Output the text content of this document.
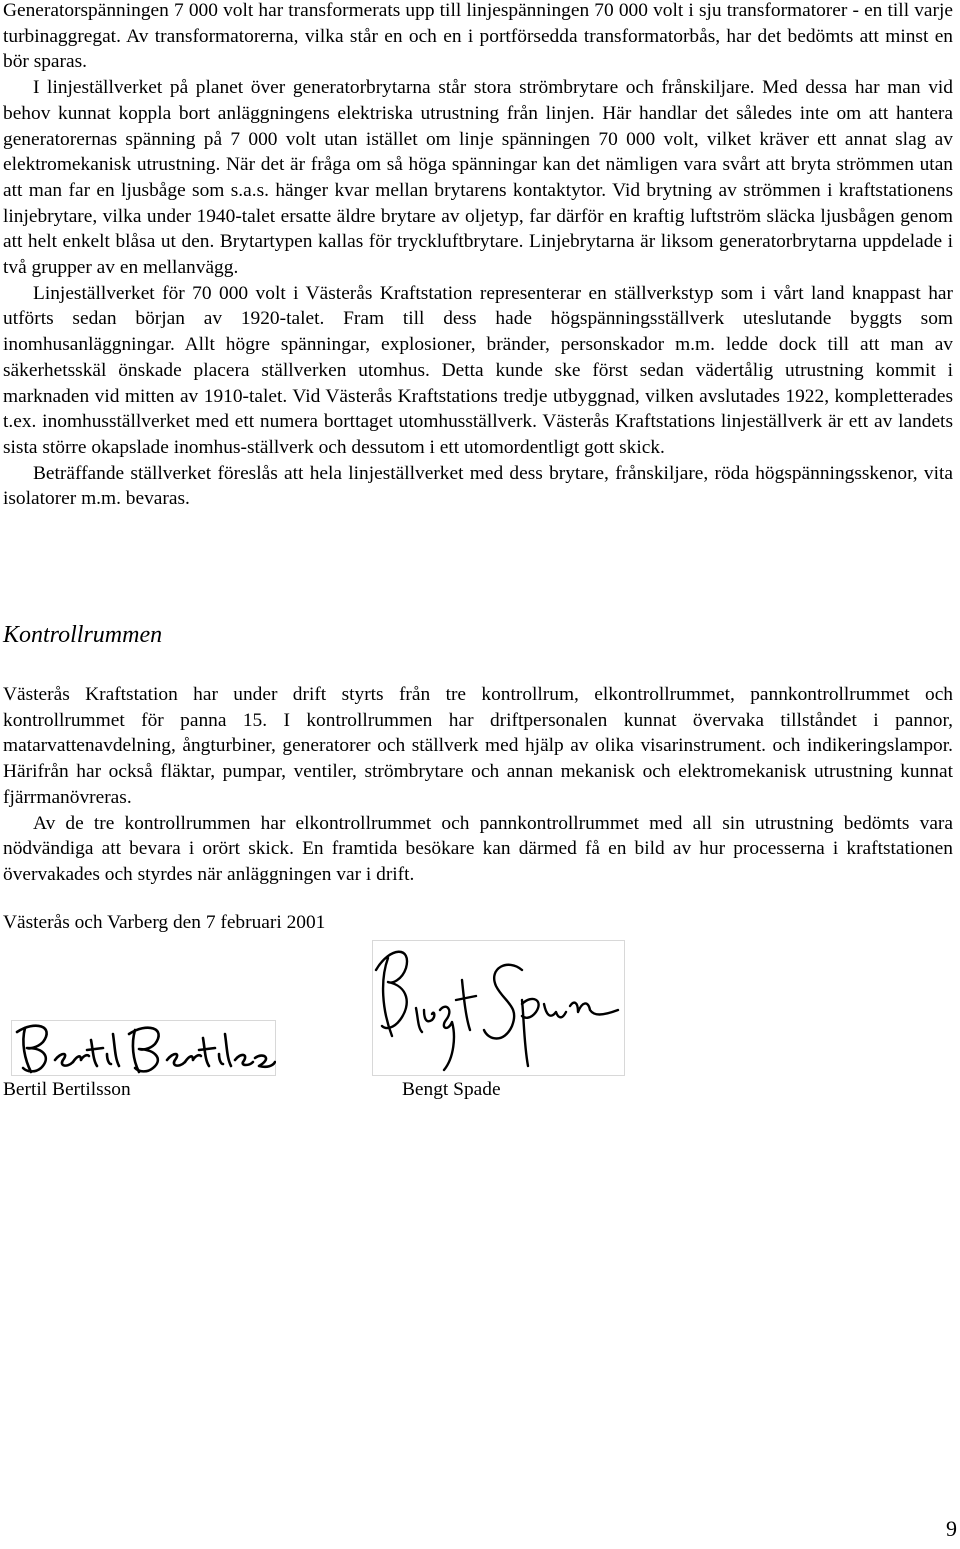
Generatorspänningen 7 000 volt har transformerats upp till linjespänningen 70 000 volt i sju transformatorer - en till varje turbinaggregat. Av transformatorerna, vilka står en och en i portförsedda transformatorbås, har det bedömts att minst en bör sparas.

I linjeställverket på planet över generatorbrytarna står stora strömbrytare och frånskiljare. Med dessa har man vid behov kunnat koppla bort anläggningens elektriska utrustning från linjen. Här handlar det således inte om att hantera generatorernas spänning på 7 000 volt utan istället om linje spänningen 70 000 volt, vilket kräver ett annat slag av elektromekanisk utrustning. När det är fråga om så höga spänningar kan det nämligen vara svårt att bryta strömmen utan att man far en ljusbåge som s.a.s. hänger kvar mellan brytarens kontaktytor. Vid brytning av strömmen i kraftstationens linjebrytare, vilka under 1940-talet ersatte äldre brytare av oljetyp, far därför en kraftig luftström släcka ljusbågen genom att helt enkelt blåsa ut den. Brytartypen kallas för tryckluftbrytare. Linjebrytarna är liksom generatorbrytarna uppdelade i två grupper av en mellanvägg.

Linjeställverket för 70 000 volt i Västerås Kraftstation representerar en ställverkstyp som i vårt land knappast har utförts sedan början av 1920-talet. Fram till dess hade högspänningsställverk uteslutande byggts som inomhusanläggningar. Allt högre spänningar, explosioner, bränder, personskador m.m. ledde dock till att man av säkerhetsskäl önskade placera ställverken utomhus. Detta kunde ske först sedan vädertålig utrustning kommit i marknaden vid mitten av 1910-talet. Vid Västerås Kraftstations tredje utbyggnad, vilken avslutades 1922, kompletterades t.ex. inomhusställverket med ett numera borttaget utomhusställverk. Västerås Kraftstations linjeställverk är ett av landets sista större okapslade inomhus-ställverk och dessutom i ett utomordentligt gott skick.

Beträffande ställverket föreslås att hela linjeställverket med dess brytare, frånskiljare, röda högspänningsskenor, vita isolatorer m.m. bevaras.

Kontrollrummen

Västerås Kraftstation har under drift styrts från tre kontrollrum, elkontrollrummet, pannkontrollrummet och kontrollrummet för panna 15. I kontrollrummen har driftpersonalen kunnat övervaka tillståndet i pannor, matarvattenavdelning, ångturbiner, generatorer och ställverk med hjälp av olika visarinstrument. och indikeringslampor. Härifrån har också fläktar, pumpar, ventiler, strömbrytare och annan mekanisk och elektromekanisk utrustning kunnat fjärrmanövreras.

Av de tre kontrollrummen har elkontrollrummet och pannkontrollrummet med all sin utrustning bedömts vara nödvändiga att bevara i orört skick. En framtida besökare kan därmed få en bild av hur processerna i kraftstationen övervakades och styrdes när anläggningen var i drift.

Västerås och Varberg den 7 februari 2001

Bertil Bertilsson	Bengt Spade

9
